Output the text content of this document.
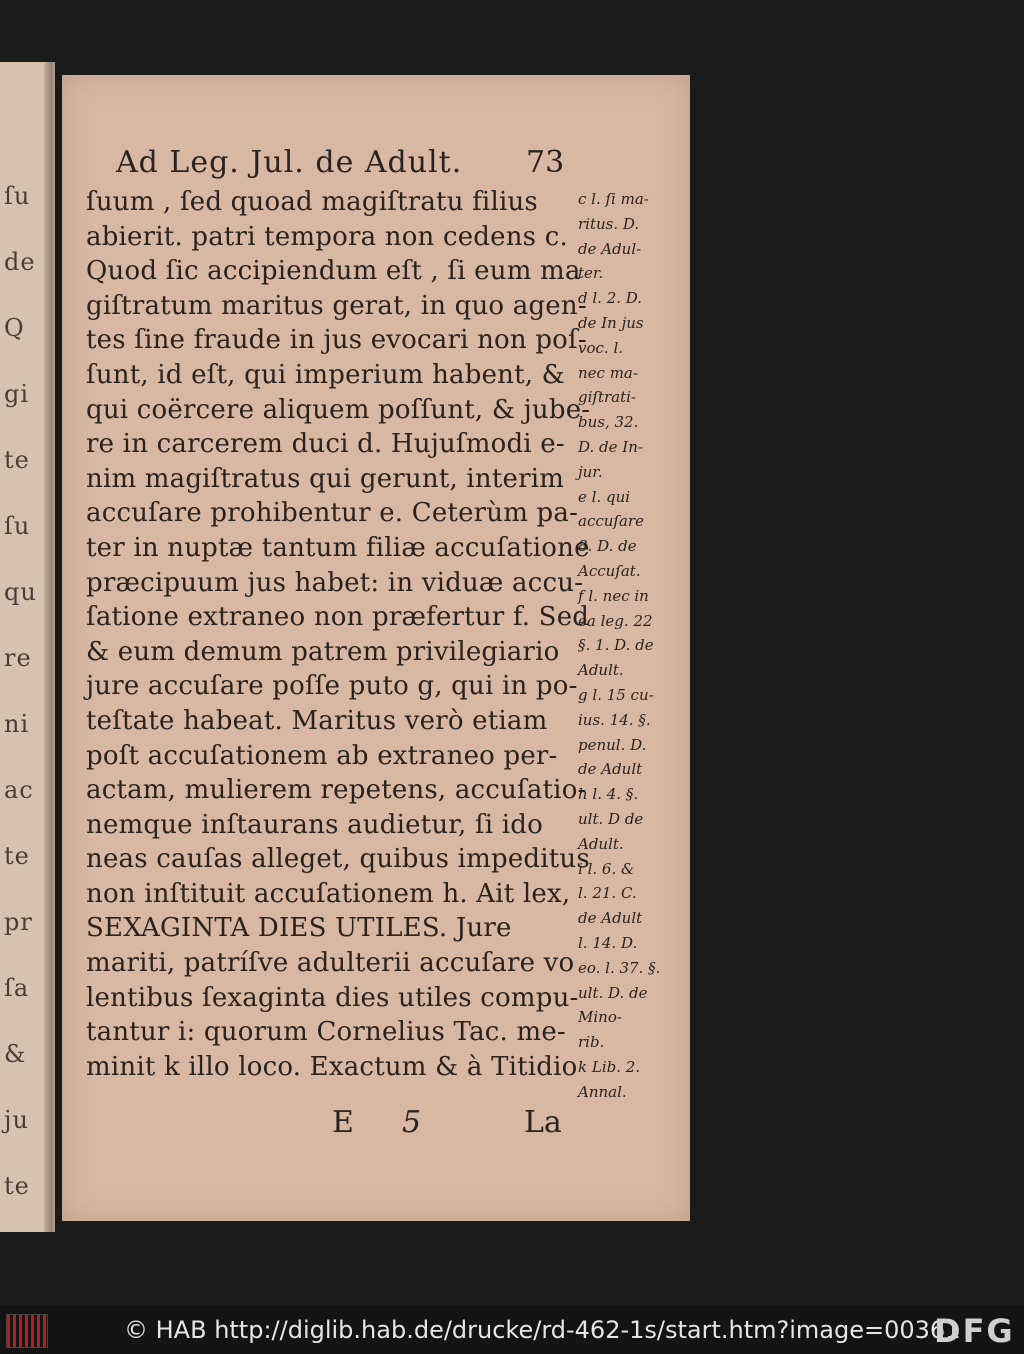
ſu
de
Q
gi
te
ſu
qu
re
ni
ac
te
pr
ſa
&
ju
te
Ad Leg. Jul. de Adult.	73
ſuum , ſed quoad magiſtratu filius
abierit. patri tempora non cedens c.
Quod ſic accipiendum eſt , ſi eum ma
giſtratum maritus gerat, in quo agen-
tes ſine fraude in jus evocari non poſ-
ſunt, id eſt, qui imperium habent, &
qui coërcere aliquem poſſunt, & jube-
re in carcerem duci d. Hujuſmodi e-
nim magiſtratus qui gerunt, interim
accuſare prohibentur e. Ceterùm pa-
ter in nuptæ tantum filiæ accuſatione
præcipuum jus habet: in viduæ accu-
ſatione extraneo non præfertur f. Sed
& eum demum patrem privilegiario
jure accuſare poſſe puto g, qui in po-
teſtate habeat. Maritus verò etiam
poſt accuſationem ab extraneo per-
actam, mulierem repetens, accuſatio-
nemque inſtaurans audietur, ſi ido
neas cauſas alleget, quibus impeditus
non inſtituit accuſationem h. Ait lex,
SEXAGINTA DIES UTILES. Jure
mariti, patríſve adulterii accuſare vo
lentibus ſexaginta dies utiles compu-
tantur i: quorum Cornelius Tac. me-
minit k illo loco. Exactum & à Titidio
c l. ſi ma-
ritus. D.
de Adul-
ter.
d l. 2. D.
de In jus
voc. l.
nec ma-
giſtrati-
bus, 32.
D. de In-
jur.
e l. qui
accuſare
8. D. de
Accuſat.
f l. nec in
ea leg. 22
§. 1. D. de
Adult.
g l. 15 cu-
ius. 14. §.
penul. D.
de Adult
h l. 4. §.
ult. D de
Adult.
i l. 6. &
l. 21. C.
de Adult
l. 14. D.
eo. l. 37. §.
ult. D. de
Mino-
rib.
k Lib. 2.
Annal.
E 5	La
© HAB http://diglib.hab.de/drucke/rd-462-1s/start.htm?image=00361
DFG
